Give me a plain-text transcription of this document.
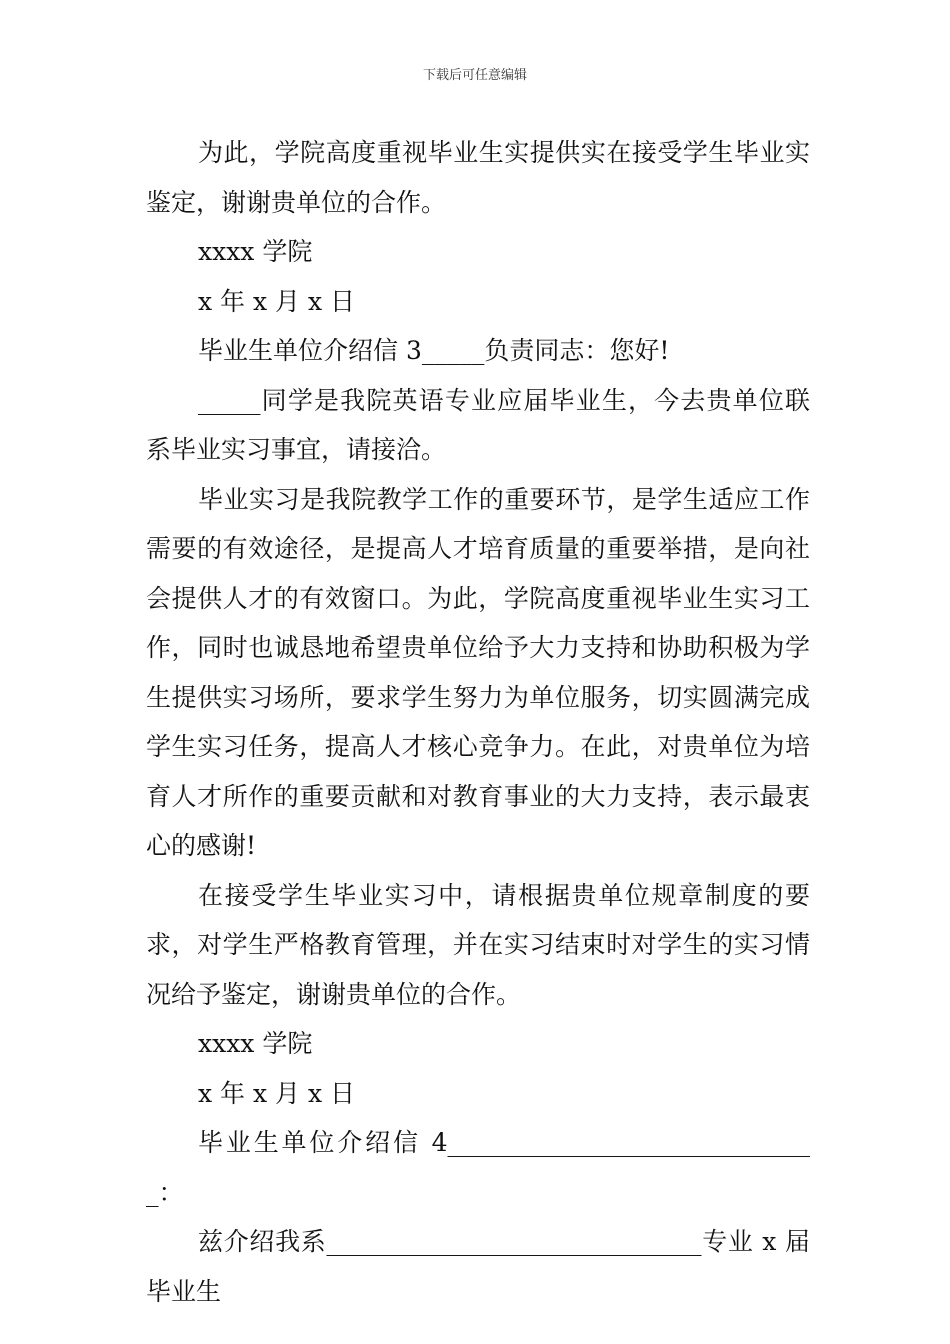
下载后可任意编辑

为此，学院高度重视毕业生实提供实在接受学生毕业实鉴定，谢谢贵单位的合作。

xxxx 学院

x 年 x 月 x 日

毕业生单位介绍信 3_____负责同志：您好!

_____同学是我院英语专业应届毕业生，今去贵单位联系毕业实习事宜，请接洽。

毕业实习是我院教学工作的重要环节，是学生适应工作需要的有效途径，是提高人才培育质量的重要举措，是向社会提供人才的有效窗口。为此，学院高度重视毕业生实习工作，同时也诚恳地希望贵单位给予大力支持和协助积极为学生提供实习场所，要求学生努力为单位服务，切实圆满完成学生实习任务，提高人才核心竞争力。在此，对贵单位为培育人才所作的重要贡献和对教育事业的大力支持，表示最衷心的感谢!

在接受学生毕业实习中，请根据贵单位规章制度的要求，对学生严格教育管理，并在实习结束时对学生的实习情况给予鉴定，谢谢贵单位的合作。

xxxx 学院

x 年 x 月 x 日

毕业生单位介绍信 4______________________________：

兹介绍我系______________________________专业 x 届毕业生
